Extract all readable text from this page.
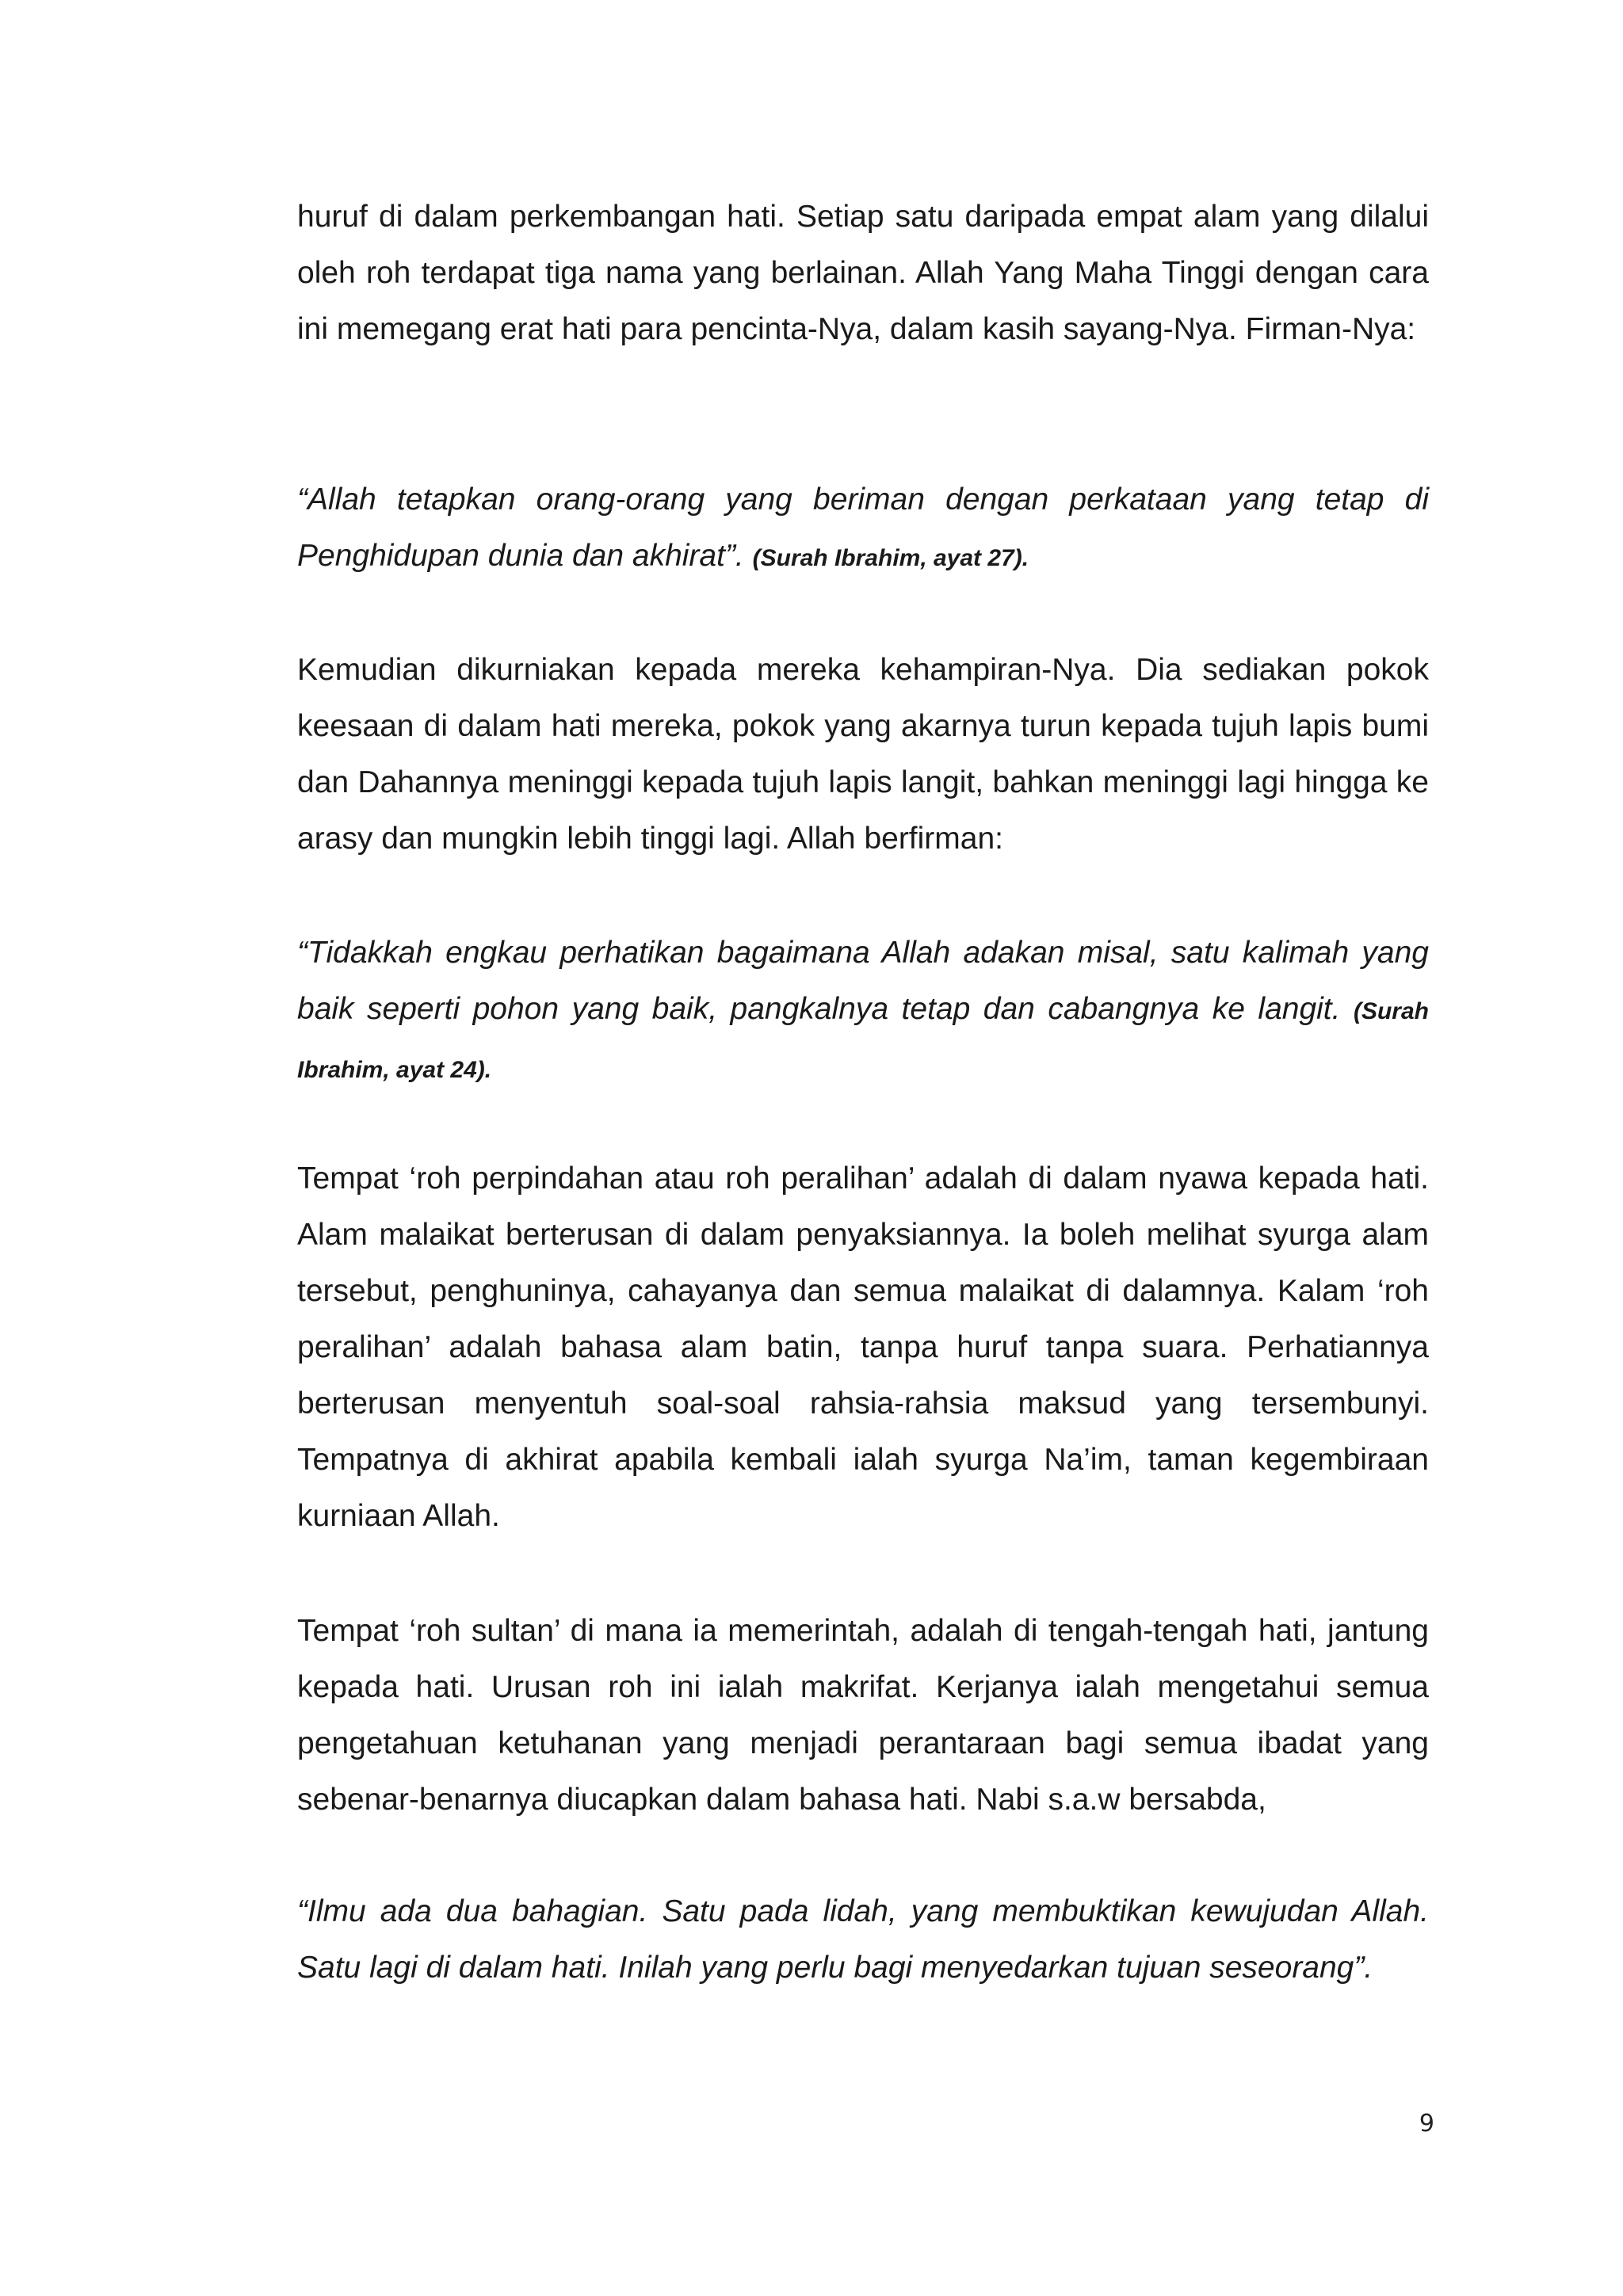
huruf di dalam perkembangan hati. Setiap satu daripada empat alam yang dilalui oleh roh terdapat tiga nama yang berlainan. Allah Yang Maha Tinggi dengan cara ini memegang erat hati para pencinta-Nya, dalam kasih sayang-Nya. Firman-Nya:

“Allah tetapkan orang-orang yang beriman dengan perkataan yang tetap di Penghidupan dunia dan akhirat”. (Surah Ibrahim, ayat 27).

Kemudian dikurniakan kepada mereka kehampiran-Nya. Dia sediakan pokok keesaan di dalam hati mereka, pokok yang akarnya turun kepada tujuh lapis bumi dan Dahannya meninggi kepada tujuh lapis langit, bahkan meninggi lagi hingga ke arasy dan mungkin lebih tinggi lagi. Allah berfirman:

“Tidakkah engkau perhatikan bagaimana Allah adakan misal, satu kalimah yang baik seperti pohon yang baik, pangkalnya tetap dan cabangnya ke langit. (Surah Ibrahim, ayat 24).

Tempat ‘roh perpindahan atau roh peralihan’ adalah di dalam nyawa kepada hati. Alam malaikat berterusan di dalam penyaksiannya. Ia boleh melihat syurga alam tersebut, penghuninya, cahayanya dan semua malaikat di dalamnya. Kalam ‘roh peralihan’ adalah bahasa alam batin, tanpa huruf tanpa suara. Perhatiannya berterusan menyentuh soal-soal rahsia-rahsia maksud yang tersembunyi. Tempatnya di akhirat apabila kembali ialah syurga Na’im, taman kegembiraan kurniaan Allah.

Tempat ‘roh sultan’ di mana ia memerintah, adalah di tengah-tengah hati, jantung kepada hati. Urusan roh ini ialah makrifat. Kerjanya ialah mengetahui semua pengetahuan ketuhanan yang menjadi perantaraan bagi semua ibadat yang sebenar-benarnya diucapkan dalam bahasa hati. Nabi s.a.w bersabda,

“Ilmu ada dua bahagian. Satu pada lidah, yang membuktikan kewujudan Allah. Satu lagi di dalam hati. Inilah yang perlu bagi menyedarkan tujuan seseorang”.

9
